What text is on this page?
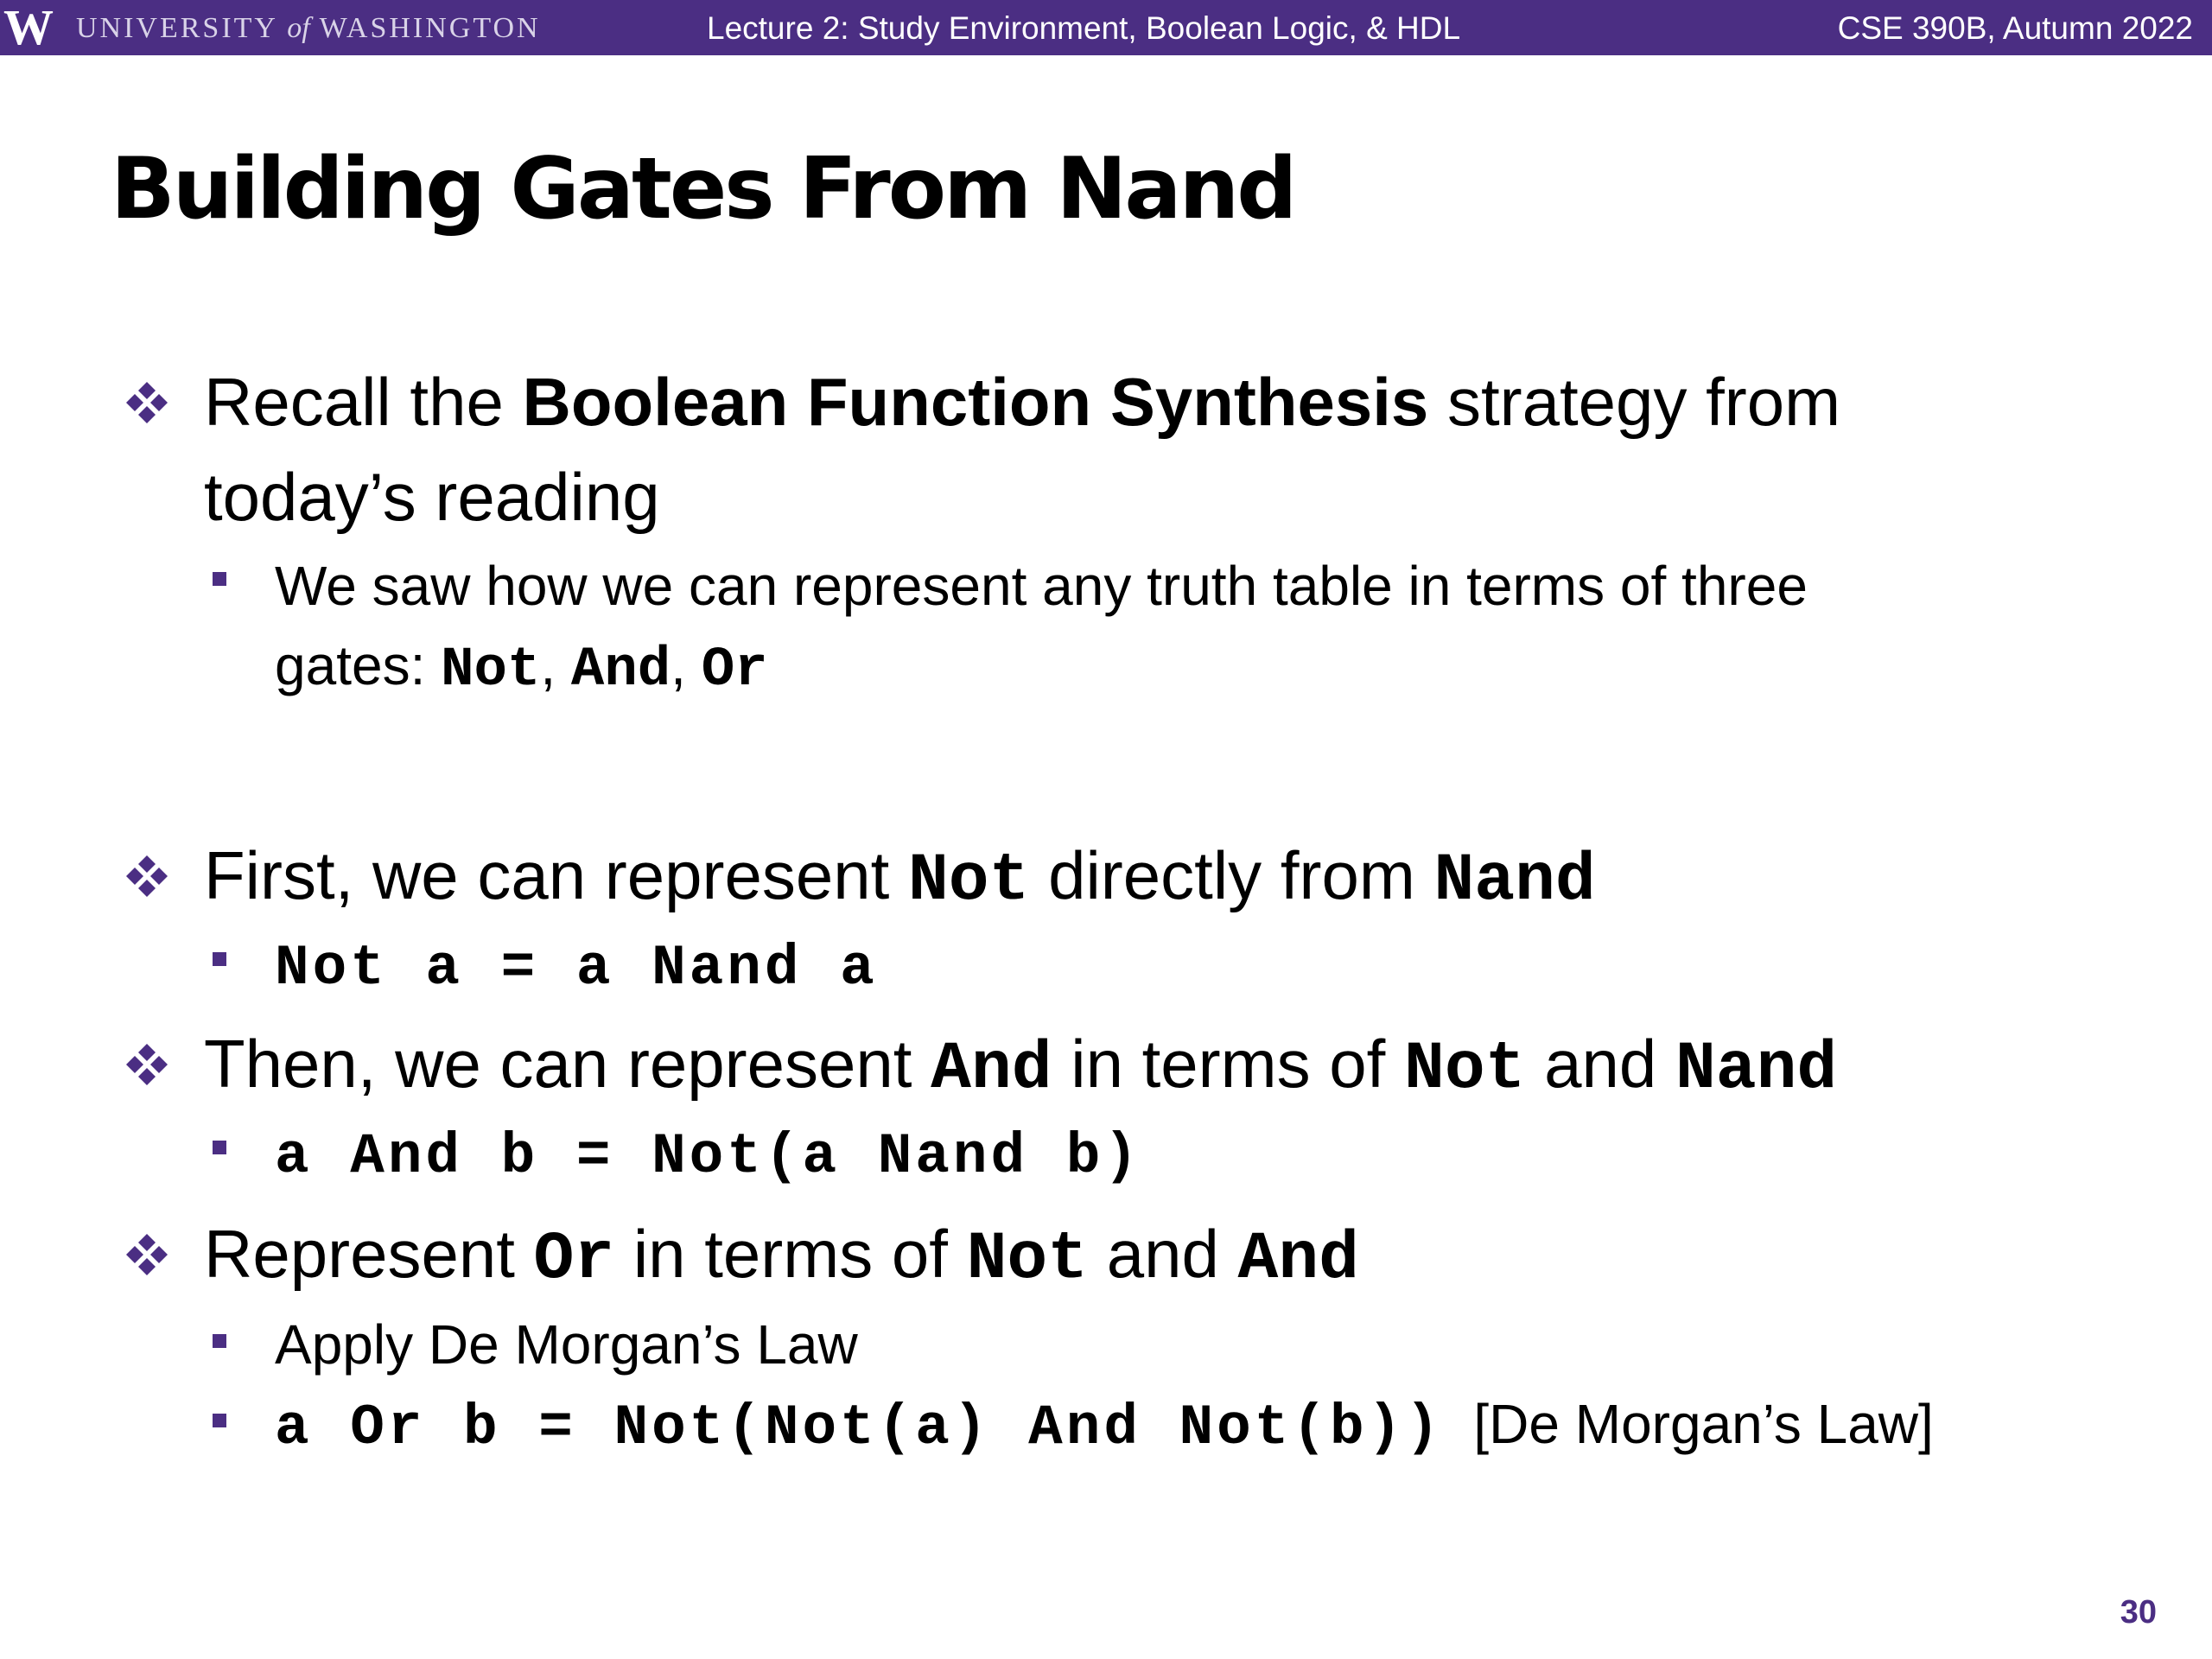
W UNIVERSITY of WASHINGTON	Lecture 2: Study Environment, Boolean Logic, & HDL	CSE 390B, Autumn 2022
Building Gates From Nand
Recall the Boolean Function Synthesis strategy from
today’s reading
We saw how we can represent any truth table in terms of three
gates: Not, And, Or
First, we can represent Not directly from Nand
Not a = a Nand a
Then, we can represent And in terms of Not and Nand
a And b = Not(a Nand b)
Represent Or in terms of Not and And
Apply De Morgan’s Law
a Or b = Not(Not(a) And Not(b)) [De Morgan’s Law]
30
